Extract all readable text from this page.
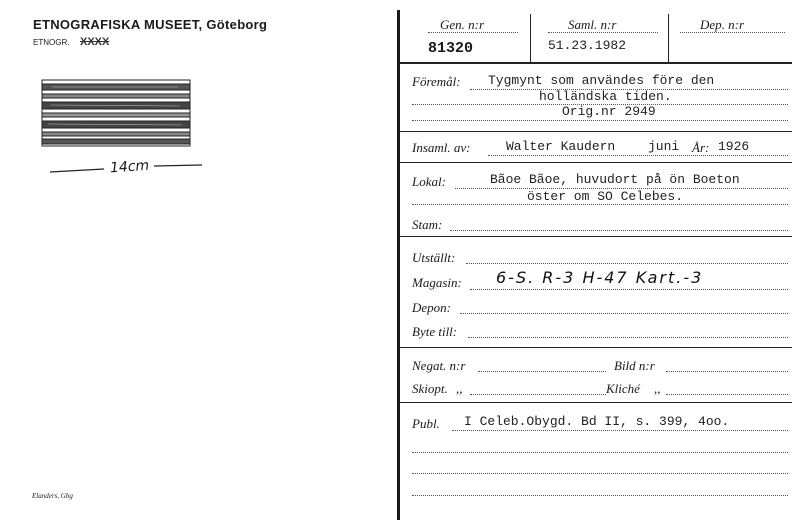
ETNOGRAFISKA MUSEET, Göteborg
ETNOGR. XXXX
14cm
Elanders, Gbg
Gen. n:r
81320
Saml. n:r
51.23.1982
Dep. n:r
Föremål: Tygmynt som användes före den
holländska tiden.
Orig.nr 2949
Insaml. av:	Walter Kaudern	juni År: 1926
Lokal:	Bãoe Bãoe, huvudort på ön Boeton
öster om SO Celebes.
Stam:
Utställt:
Magasin: 6-S. R-3 H-47 Kart.-3
Depon:
Byte till:
Negat. n:r	Bild n:r
Skiopt. ,,	Kliché ,,
Publ. I Celeb.Obygd. Bd II, s. 399, 4oo.
